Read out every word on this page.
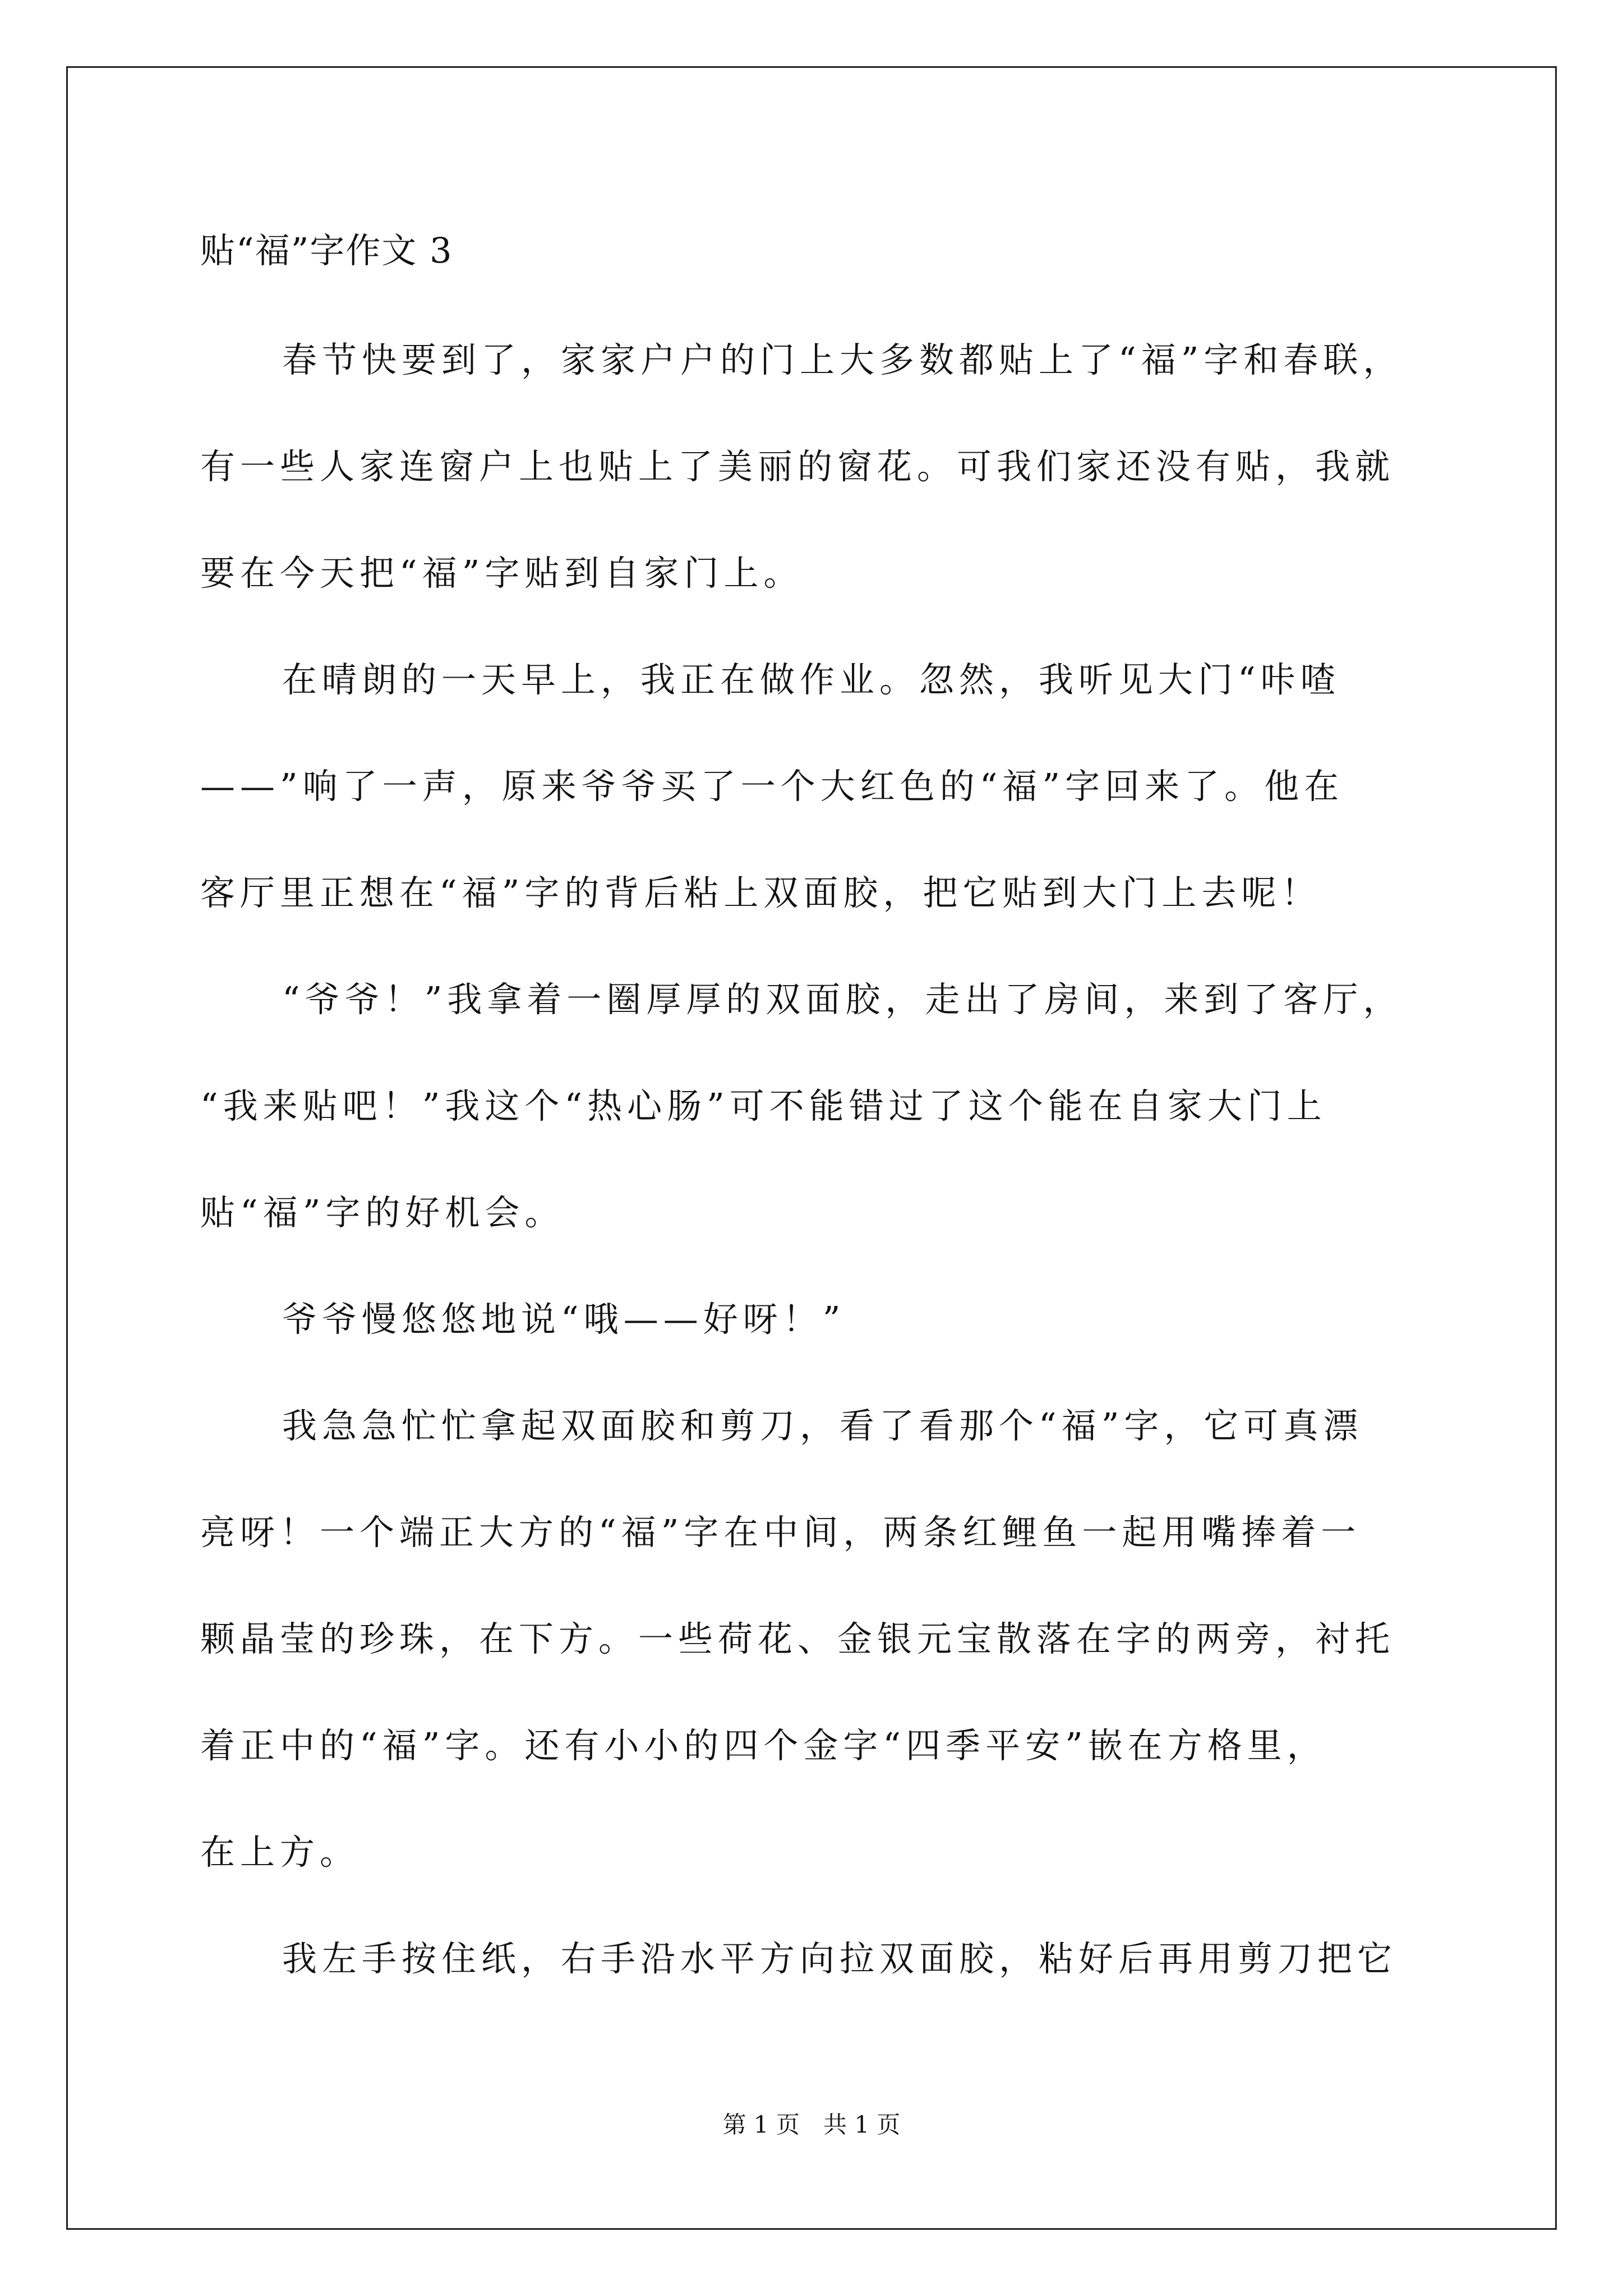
贴“福”字作文 3
春节快要到了，家家户户的门上大多数都贴上了“福”字和春联，
有一些人家连窗户上也贴上了美丽的窗花。可我们家还没有贴，我就
要在今天把“福”字贴到自家门上。
在晴朗的一天早上，我正在做作业。忽然，我听见大门“咔喳
——”响了一声，原来爷爷买了一个大红色的“福”字回来了。他在
客厅里正想在“福”字的背后粘上双面胶，把它贴到大门上去呢！
“爷爷！”我拿着一圈厚厚的双面胶，走出了房间，来到了客厅，
“我来贴吧！”我这个“热心肠”可不能错过了这个能在自家大门上
贴“福”字的好机会。
爷爷慢悠悠地说“哦——好呀！”
我急急忙忙拿起双面胶和剪刀，看了看那个“福”字，它可真漂
亮呀！一个端正大方的“福”字在中间，两条红鲤鱼一起用嘴捧着一
颗晶莹的珍珠，在下方。一些荷花、金银元宝散落在字的两旁，衬托
着正中的“福”字。还有小小的四个金字“四季平安”嵌在方格里，
在上方。
我左手按住纸，右手沿水平方向拉双面胶，粘好后再用剪刀把它
第 1 页　共 1 页
